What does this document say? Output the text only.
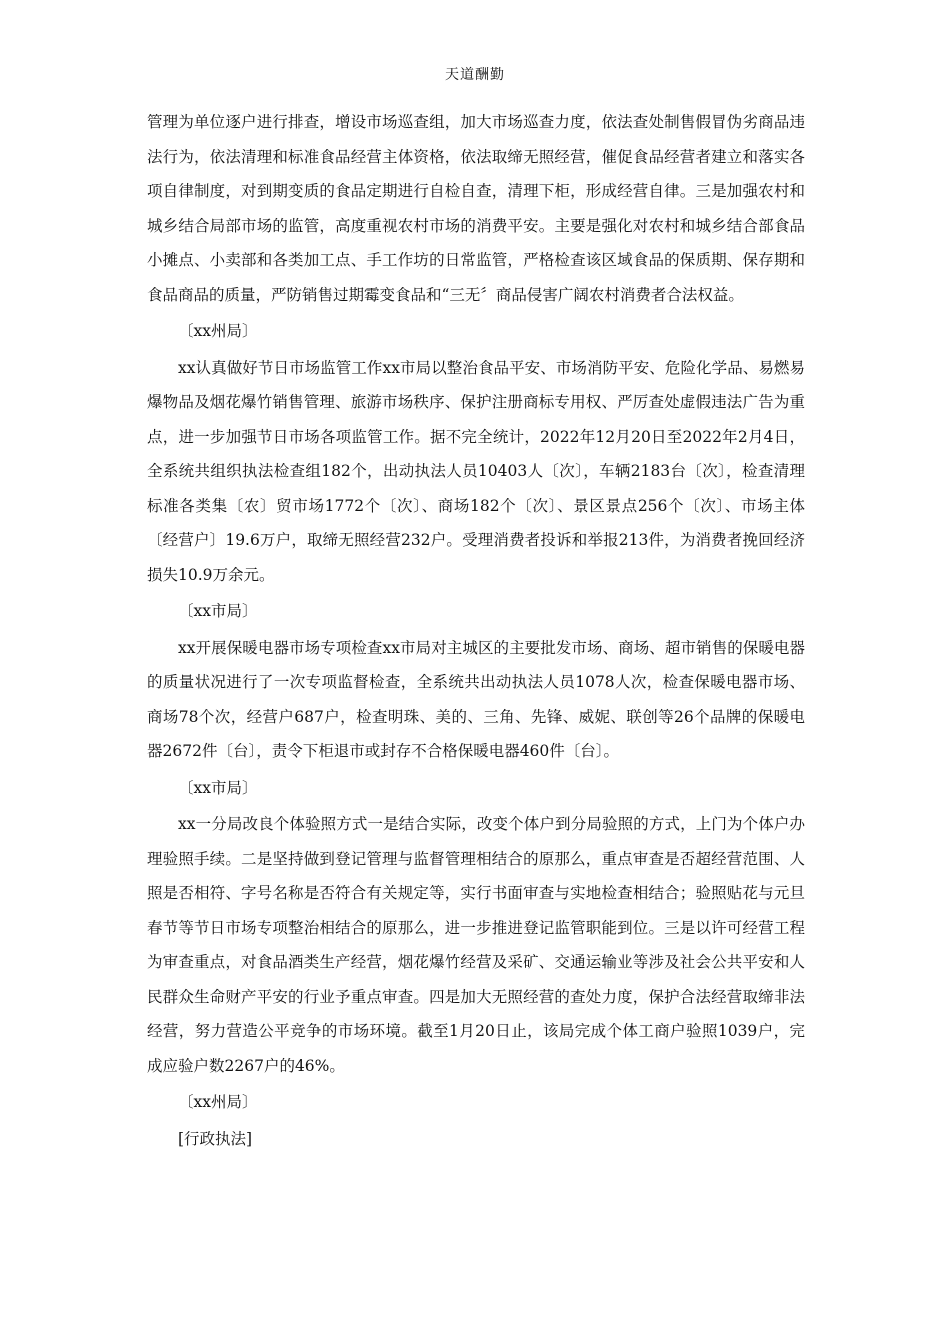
天道酬勤

管理为单位逐户进行排查，增设市场巡查组，加大市场巡查力度，依法查处制售假冒伪劣商品违法行为，依法清理和标准食品经营主体资格，依法取缔无照经营，催促食品经营者建立和落实各项自律制度，对到期变质的食品定期进行自检自查，清理下柜，形成经营自律。三是加强农村和城乡结合局部市场的监管，高度重视农村市场的消费平安。主要是强化对农村和城乡结合部食品小摊点、小卖部和各类加工点、手工作坊的日常监管，严格检查该区域食品的保质期、保存期和食品商品的质量，严防销售过期霉变食品和“三无〞商品侵害广阔农村消费者合法权益。

〔xx州局〕

xx认真做好节日市场监管工作xx市局以整治食品平安、市场消防平安、危险化学品、易燃易爆物品及烟花爆竹销售管理、旅游市场秩序、保护注册商标专用权、严厉查处虚假违法广告为重点，进一步加强节日市场各项监管工作。据不完全统计，2022年12月20日至2022年2月4日，全系统共组织执法检查组182个，出动执法人员10403人〔次〕，车辆2183台〔次〕，检查清理标准各类集〔农〕贸市场1772个〔次〕、商场182个〔次〕、景区景点256个〔次〕、市场主体〔经营户〕19.6万户，取缔无照经营232户。受理消费者投诉和举报213件，为消费者挽回经济损失10.9万余元。

〔xx市局〕

xx开展保暖电器市场专项检查xx市局对主城区的主要批发市场、商场、超市销售的保暖电器的质量状况进行了一次专项监督检查，全系统共出动执法人员1078人次，检查保暖电器市场、商场78个次，经营户687户，检查明珠、美的、三角、先锋、威妮、联创等26个品牌的保暖电器2672件〔台〕，责令下柜退市或封存不合格保暖电器460件〔台〕。

〔xx市局〕

xx一分局改良个体验照方式一是结合实际，改变个体户到分局验照的方式，上门为个体户办理验照手续。二是坚持做到登记管理与监督管理相结合的原那么，重点审查是否超经营范围、人照是否相符、字号名称是否符合有关规定等，实行书面审查与实地检查相结合；验照贴花与元旦春节等节日市场专项整治相结合的原那么，进一步推进登记监管职能到位。三是以许可经营工程为审查重点，对食品酒类生产经营，烟花爆竹经营及采矿、交通运输业等涉及社会公共平安和人民群众生命财产平安的行业予重点审查。四是加大无照经营的查处力度，保护合法经营取缔非法经营，努力营造公平竞争的市场环境。截至1月20日止，该局完成个体工商户验照1039户，完成应验户数2267户的46%。

〔xx州局〕

[行政执法]
